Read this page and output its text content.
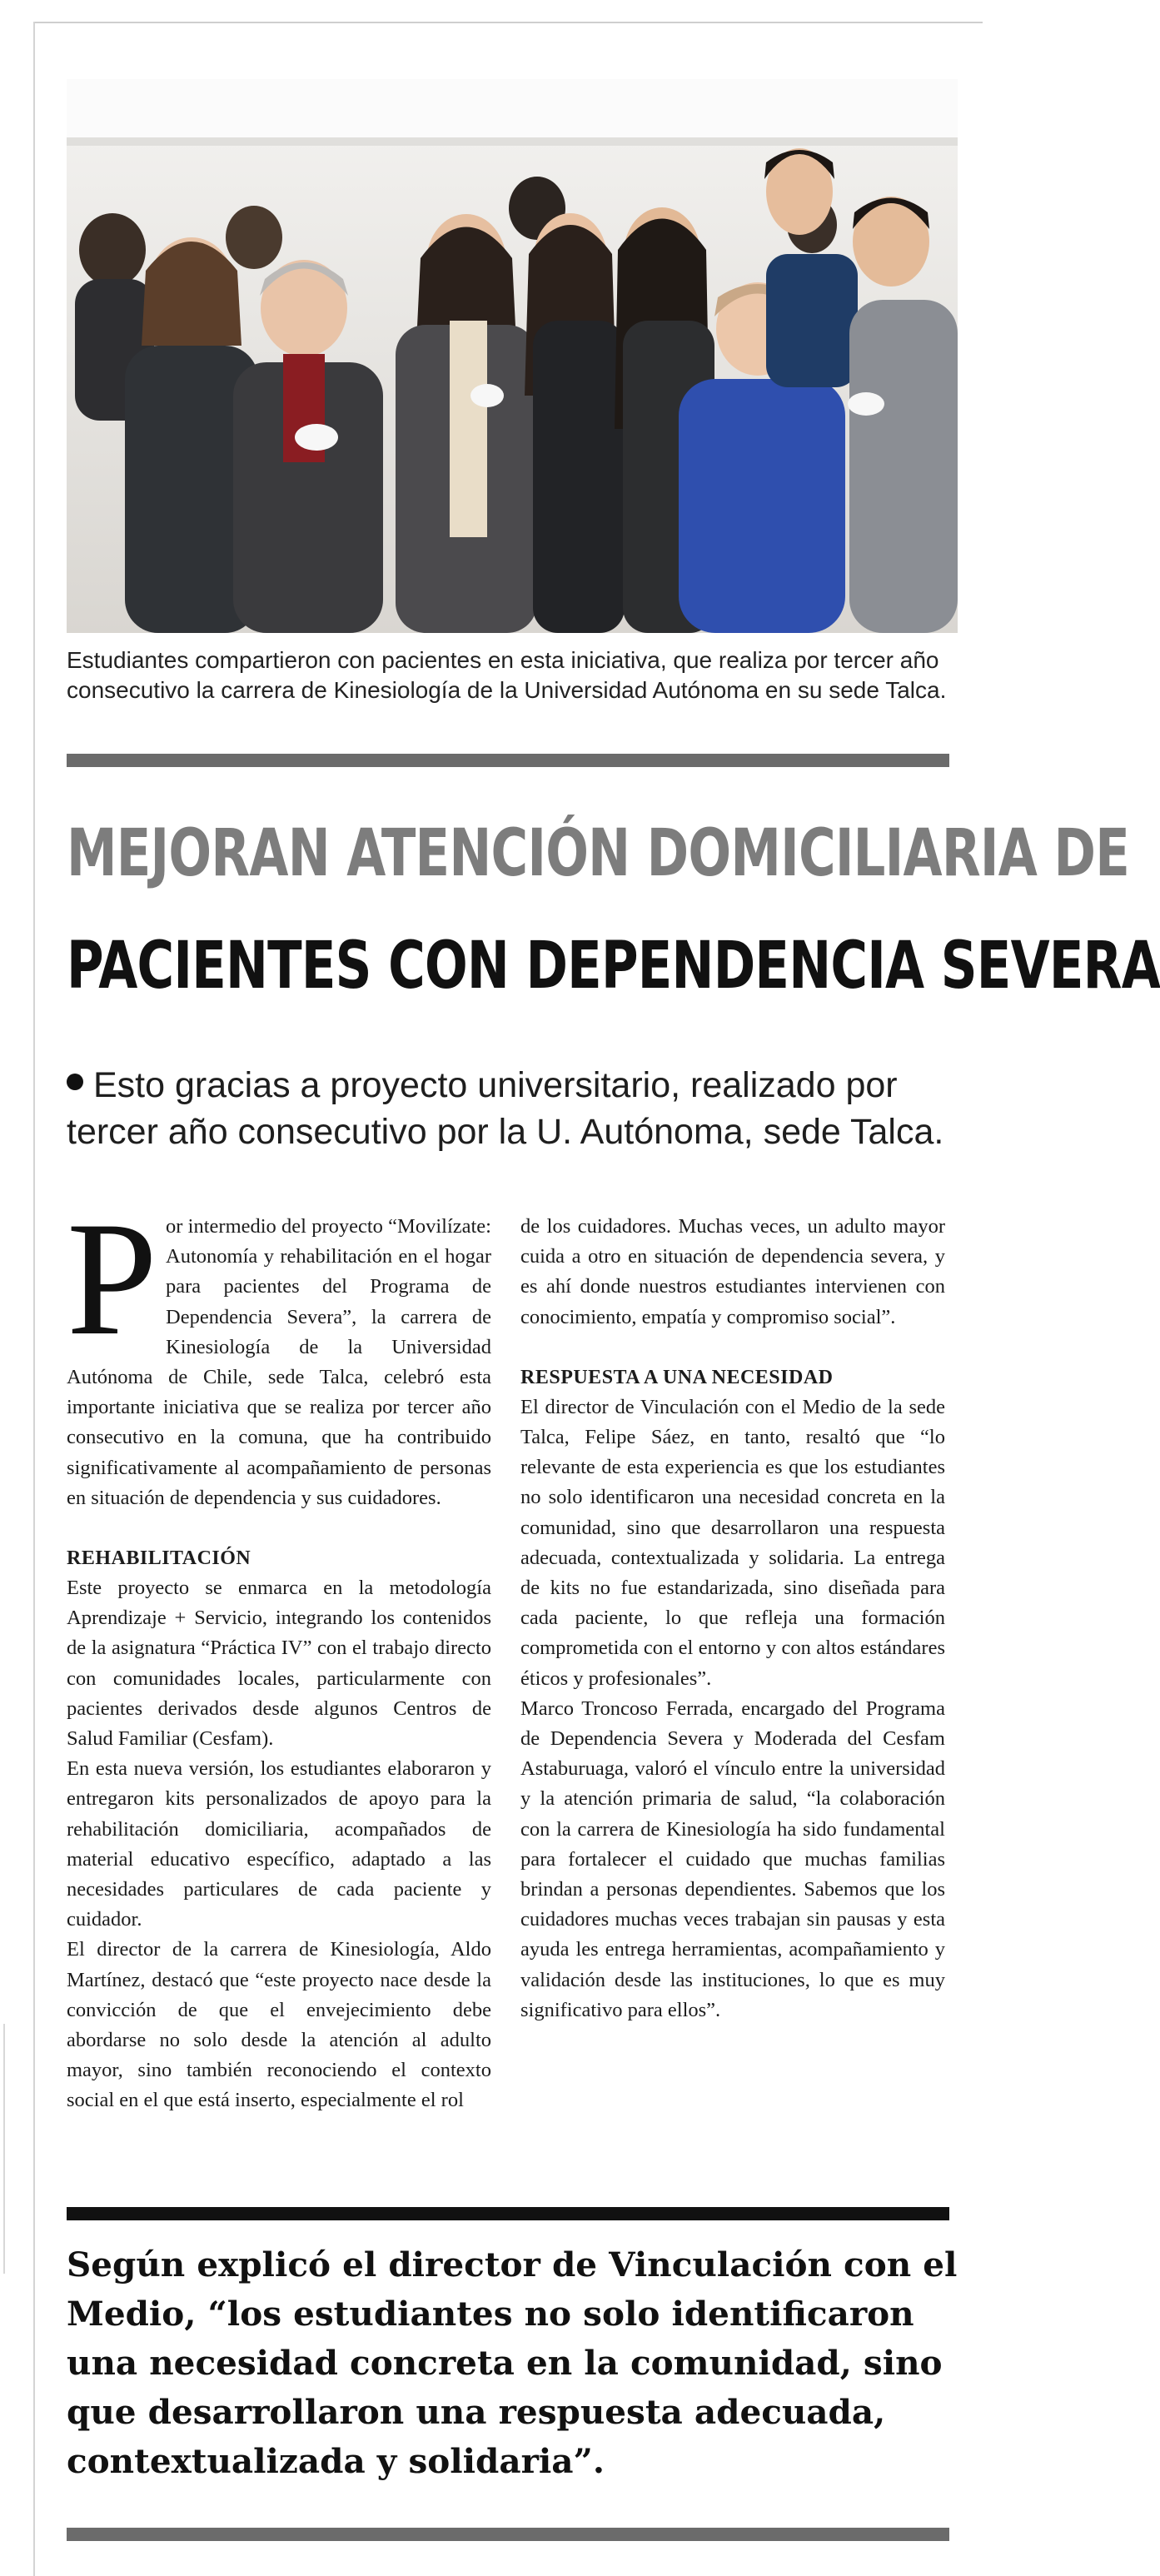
Estudiantes compartieron con pacientes en esta iniciativa, que realiza por tercer año consecutivo la carrera de Kinesiología de la Universidad Autónoma en su sede Talca.
MEJORAN ATENCIÓN DOMICILIARIA DE
PACIENTES CON DEPENDENCIA SEVERA
Esto gracias a proyecto universitario, realizado por tercer año consecutivo por la U. Autónoma, sede Talca.

Por intermedio del proyecto “Movilízate: Autonomía y rehabilitación en el hogar para pacientes del Programa de Dependencia Severa”, la carrera de Kinesiología de la Universidad Autónoma de Chile, sede Talca, celebró esta importante iniciativa que se realiza por tercer año consecutivo en la comuna, que ha contribuido significativamente al acompañamiento de personas en situación de dependencia y sus cuidadores.

REHABILITACIÓN

Este proyecto se enmarca en la metodología Aprendizaje + Servicio, integrando los contenidos de la asignatura “Práctica IV” con el trabajo directo con comunidades locales, particularmente con pacientes derivados desde algunos Centros de Salud Familiar (Cesfam).

En esta nueva versión, los estudiantes elaboraron y entregaron kits personalizados de apoyo para la rehabilitación domiciliaria, acompañados de material educativo específico, adaptado a las necesidades particulares de cada paciente y cuidador.

El director de la carrera de Kinesiología, Aldo Martínez, destacó que “este proyecto nace desde la convicción de que el envejecimiento debe abordarse no solo desde la atención al adulto mayor, sino también reconociendo el contexto social en el que está inserto, especialmente el rol

de los cuidadores. Muchas veces, un adulto mayor cuida a otro en situación de dependencia severa, y es ahí donde nuestros estudiantes intervienen con conocimiento, empatía y compromiso social”.

RESPUESTA A UNA NECESIDAD

El director de Vinculación con el Medio de la sede Talca, Felipe Sáez, en tanto, resaltó que “lo relevante de esta experiencia es que los estudiantes no solo identificaron una necesidad concreta en la comunidad, sino que desarrollaron una respuesta adecuada, contextualizada y solidaria. La entrega de kits no fue estandarizada, sino diseñada para cada paciente, lo que refleja una formación comprometida con el entorno y con altos estándares éticos y profesionales”.

Marco Troncoso Ferrada, encargado del Programa de Dependencia Severa y Moderada del Cesfam Astaburuaga, valoró el vínculo entre la universidad y la atención primaria de salud, “la colaboración con la carrera de Kinesiología ha sido fundamental para fortalecer el cuidado que muchas familias brindan a personas dependientes. Sabemos que los cuidadores muchas veces trabajan sin pausas y esta ayuda les entrega herramientas, acompañamiento y validación desde las instituciones, lo que es muy significativo para ellos”.

Según explicó el director de Vinculación con el Medio, “los estudiantes no solo identificaron una necesidad concreta en la comunidad, sino que desarrollaron una respuesta adecuada, contextualizada y solidaria”.
